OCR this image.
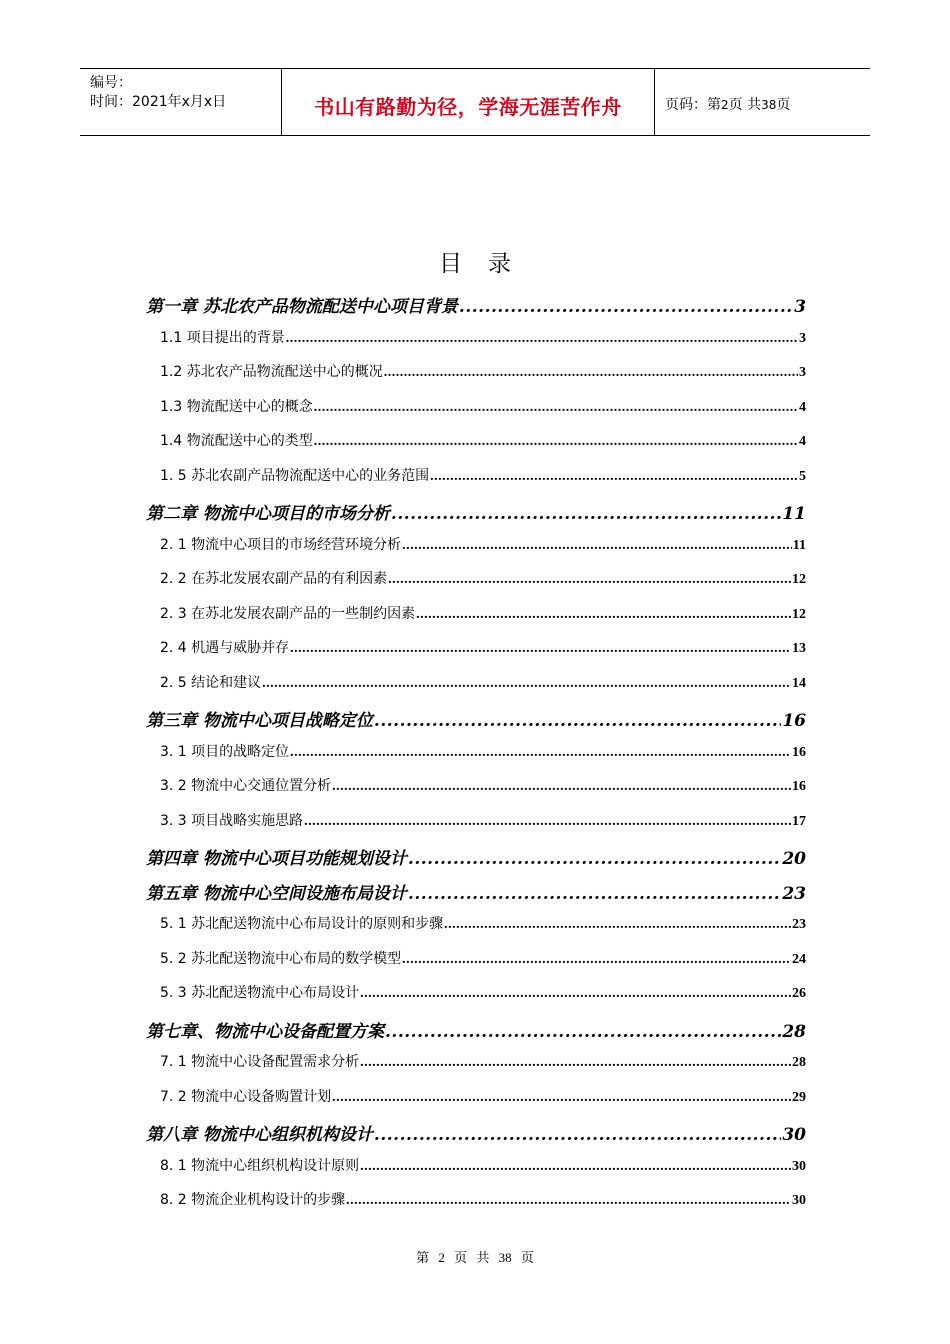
编号：
时间：2021年x月x日	书山有路勤为径，学海无涯苦作舟	页码：第2页 共38页
目录
第一章 苏北农产品物流配送中心项目背景 .....	3
1.1 项目提出的背景 .....	3
1.2 苏北农产品物流配送中心的概况 .....	3
1.3 物流配送中心的概念 .....	4
1.4 物流配送中心的类型 .....	4
1. 5 苏北农副产品物流配送中心的业务范围 .....	5
第二章 物流中心项目的市场分析 .....	11
2. 1 物流中心项目的市场经营环境分析 .....	11
2. 2 在苏北发展农副产品的有利因素 .....	12
2. 3 在苏北发展农副产品的一些制约因素 .....	12
2. 4 机遇与威胁并存 .....	13
2. 5 结论和建议 .....	14
第三章 物流中心项目战略定位 .....	16
3. 1 项目的战略定位 .....	16
3. 2 物流中心交通位置分析 .....	16
3. 3 项目战略实施思路 .....	17
第四章 物流中心项目功能规划设计 .....	20
第五章 物流中心空间设施布局设计 .....	23
5. 1 苏北配送物流中心布局设计的原则和步骤 .....	23
5. 2 苏北配送物流中心布局的数学模型 .....	24
5. 3 苏北配送物流中心布局设计 .....	26
第七章、物流中心设备配置方案 .....	28
7. 1 物流中心设备配置需求分析 .....	28
7. 2 物流中心设备购置计划 .....	29
第八章 物流中心组织机构设计 .....	30
8. 1 物流中心组织机构设计原则 .....	30
8. 2 物流企业机构设计的步骤 .....	30
第 2 页 共 38 页
